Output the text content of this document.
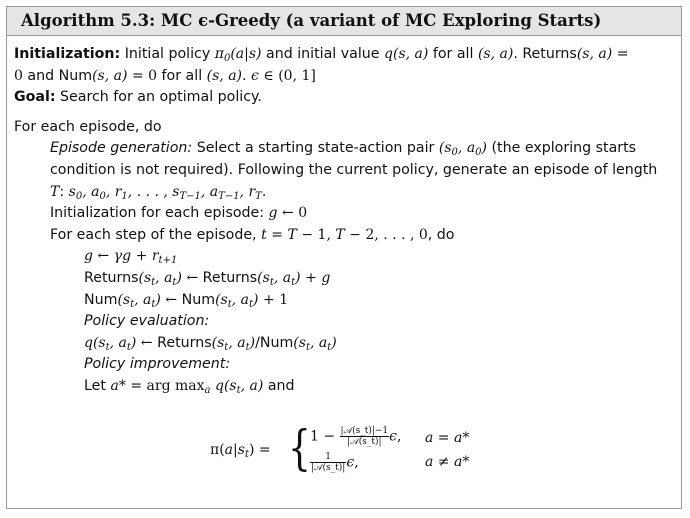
Algorithm 5.3: MC ϵ-Greedy (a variant of MC Exploring Starts)
Initialization: Initial policy $\pi_0(a|s)$ and initial value q(s, a) for all (s, a). Returns(s, a) =
0 and Num(s, a) = 0 for all (s, a). ϵ ∈ (0, 1]
Goal: Search for an optimal policy.
For each episode, do
Episode generation: Select a starting state-action pair ($s_0$, $a_0$) (the exploring starts
condition is not required). Following the current policy, generate an episode of length
T: $s_0$, $a_0$, $r_1$, . . . , $s_{T-1}$, $a_{T-1}$, $r_T$.
Initialization for each episode: g ← 0
For each step of the episode, t = T − 1, T − 2, . . . , 0, do
g ← $\gamma g + r_{t+1}$
$Returns(s_t$, $a_t$) ← $Returns(s_t$, $a_t) + g$
$Num(s_t$, $a_t$) ← $Num(s_t$, $a_t) + 1$
Policy evaluation:
$q(s_t$, $a_t$) ← $Returns(s_t$, $a_t)/Num(s_t$, $a_t$)
Policy improvement:
Let a* = arg $\max_a q(s_t$, a) and
$\pi(a|s_t)$ = { $1 - \frac{\text{|𝒜(s\_t)|−1}}{\text{|𝒜(s\_t)|}} \epsilon$, a = a*
$\frac{1}{\text{|𝒜(s\_t)|}} \epsilon$,	a ≠ a*
